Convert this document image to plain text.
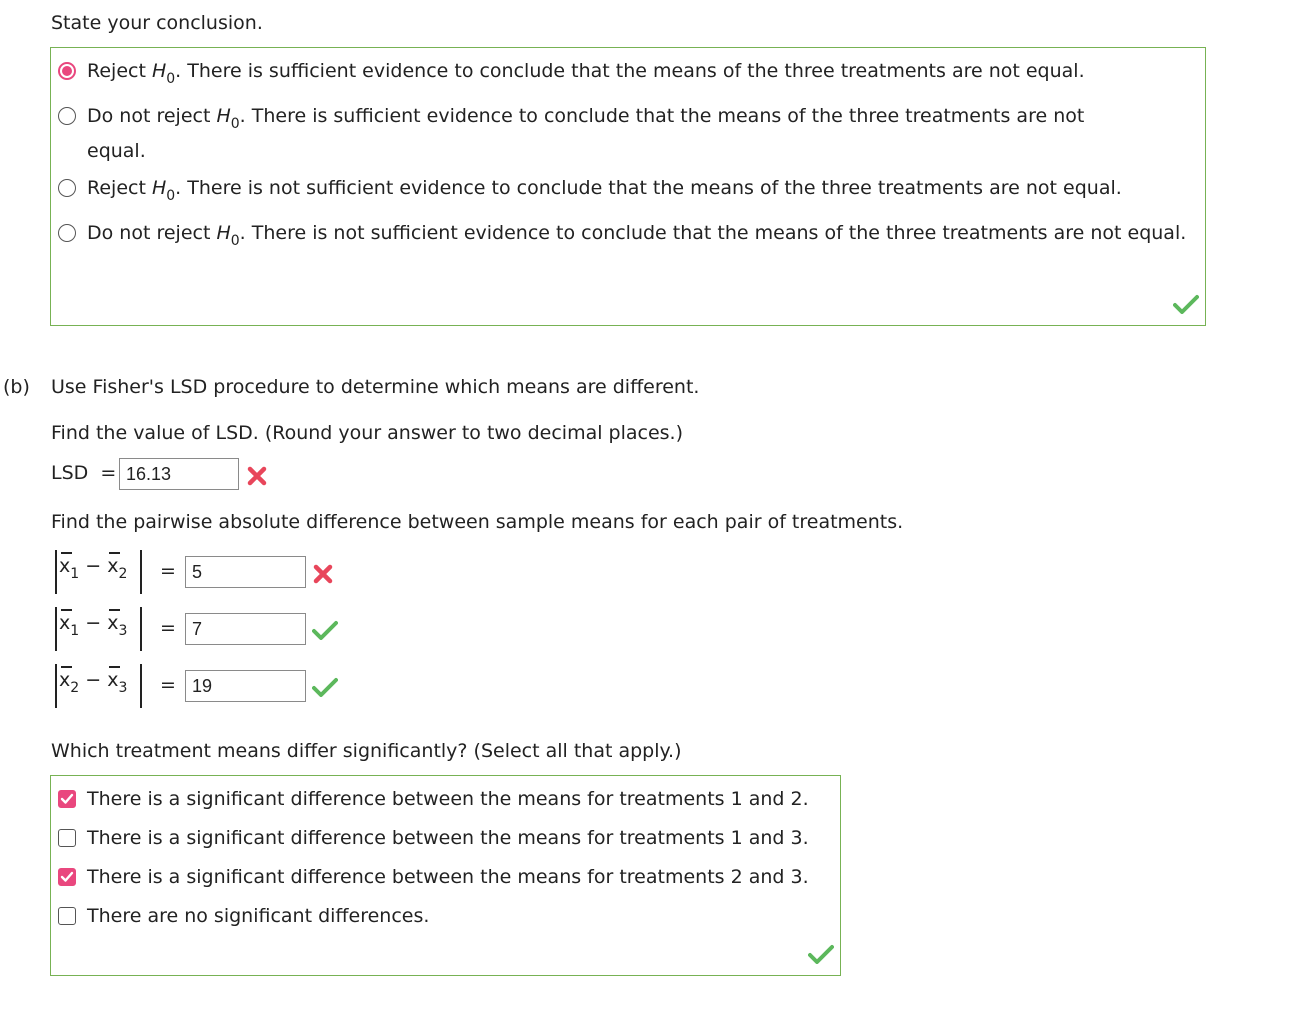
State your conclusion.
Reject $H_0$. There is sufficient evidence to conclude that the means of the three treatments are not equal.
Do not reject $H_0$. There is sufficient evidence to conclude that the means of the three treatments are not equal.
Reject $H_0$. There is not sufficient evidence to conclude that the means of the three treatments are not equal.
Do not reject $H_0$. There is not sufficient evidence to conclude that the means of the three treatments are not equal.
(b) Use Fisher's LSD procedure to determine which means are different.
Find the value of LSD. (Round your answer to two decimal places.)
LSD  = 16.13
Find the pairwise absolute difference between sample means for each pair of treatments.
$x_1 - x_2 = 5$
$x_1 - x_3 = 7$
$x_2 - x_3 = 19$
Which treatment means differ significantly? (Select all that apply.)
There is a significant difference between the means for treatments 1 and 2.
There is a significant difference between the means for treatments 1 and 3.
There is a significant difference between the means for treatments 2 and 3.
There are no significant differences.
